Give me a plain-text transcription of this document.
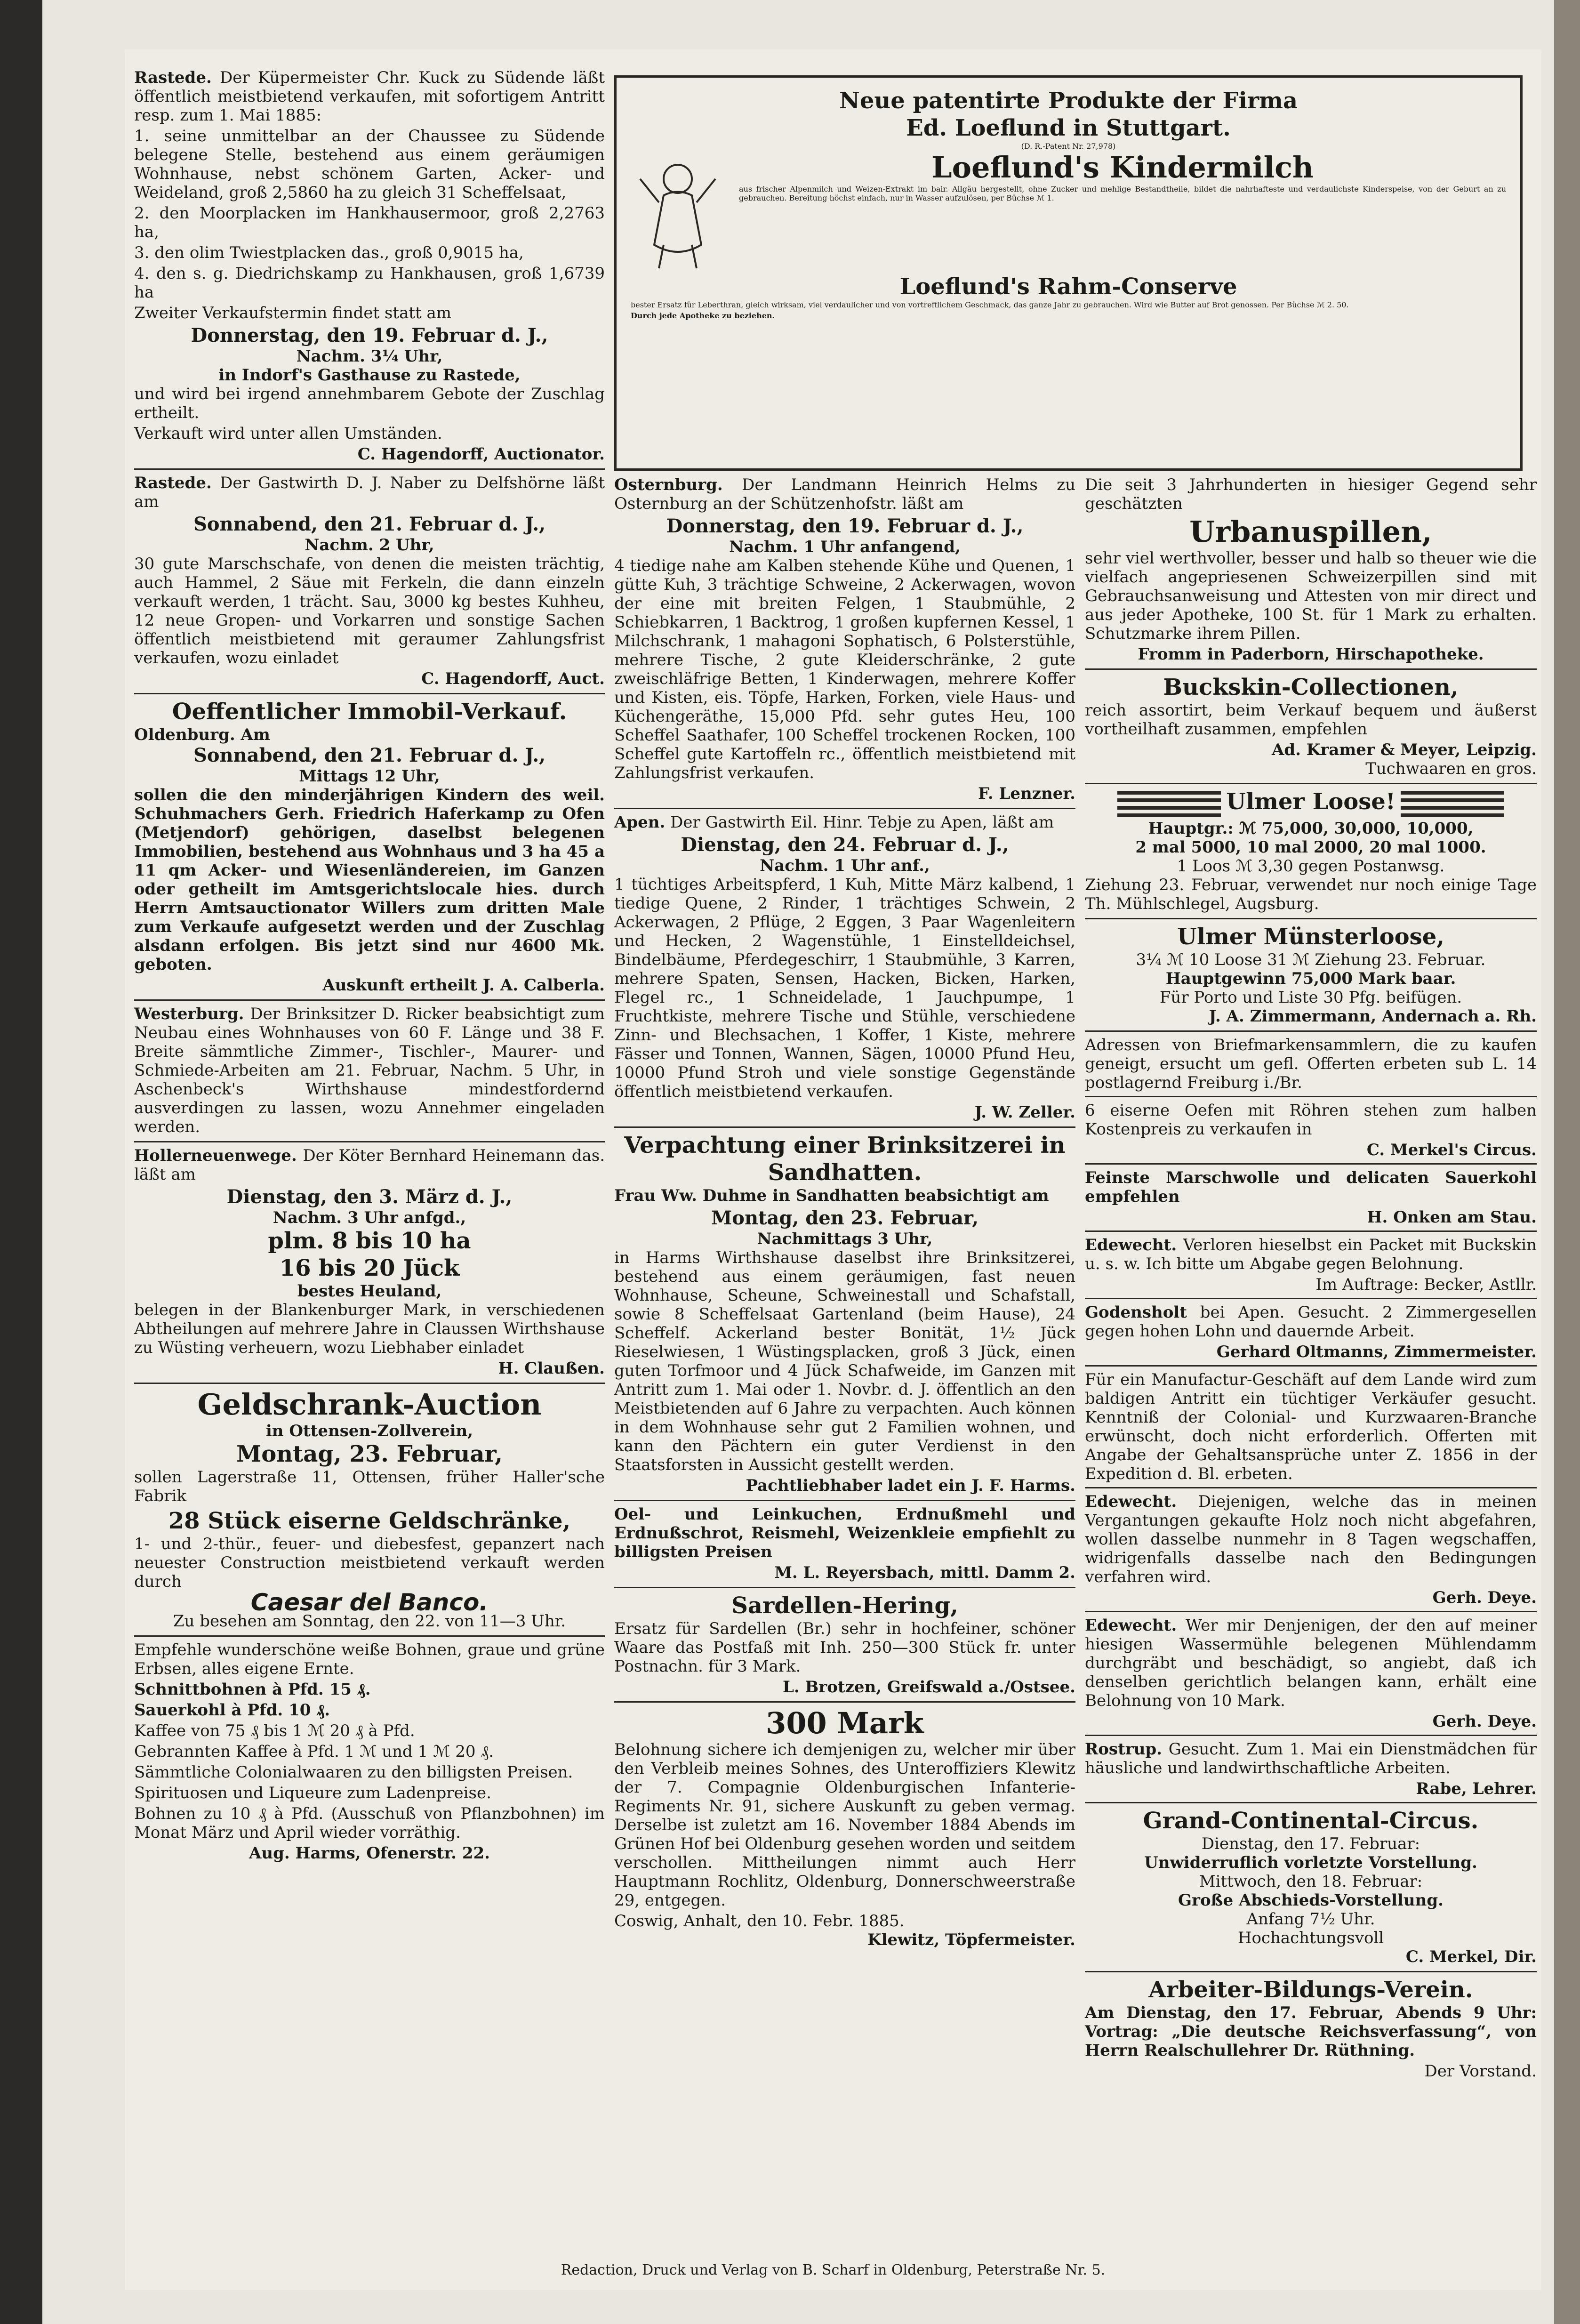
Rastede. Der Küpermeister Chr. Kuck zu Südende läßt öffentlich meistbietend verkaufen, mit sofortigem Antritt resp. zum 1. Mai 1885:

1. seine unmittelbar an der Chaussee zu Südende belegene Stelle, bestehend aus einem geräumigen Wohnhause, nebst schönem Garten, Acker- und Weideland, groß 2,5860 ha zu gleich 31 Scheffelsaat,

2. den Moorplacken im Hankhausermoor, groß 2,2763 ha,

3. den olim Twiestplacken das., groß 0,9015 ha,

4. den s. g. Diedrichskamp zu Hankhausen, groß 1,6739 ha

Zweiter Verkaufstermin findet statt am

Donnerstag, den 19. Februar d. J.,
Nachm. 3¼ Uhr,
in Indorf's Gasthause zu Rastede,

und wird bei irgend annehmbarem Gebote der Zuschlag ertheilt.

Verkauft wird unter allen Umständen.

C. Hagendorff, Auctionator.

Rastede. Der Gastwirth D. J. Naber zu Delfshörne läßt am

Sonnabend, den 21. Februar d. J.,
Nachm. 2 Uhr,

30 gute Marschschafe, von denen die meisten trächtig, auch Hammel, 2 Säue mit Ferkeln, die dann einzeln verkauft werden, 1 trächt. Sau, 3000 kg bestes Kuhheu, 12 neue Gropen- und Vorkarren und sonstige Sachen öffentlich meistbietend mit geraumer Zahlungsfrist verkaufen, wozu einladet

C. Hagendorff, Auct.
Oeffentlicher Immobil-Verkauf.
Oldenburg. Am
Sonnabend, den 21. Februar d. J.,
Mittags 12 Uhr,

sollen die den minderjährigen Kindern des weil. Schuhmachers Gerh. Friedrich Haferkamp zu Ofen (Metjendorf) gehörigen, daselbst belegenen Immobilien, bestehend aus Wohnhaus und 3 ha 45 a 11 qm Acker- und Wiesenländereien, im Ganzen oder getheilt im Amtsgerichtslocale hies. durch Herrn Amtsauctionator Willers zum dritten Male zum Verkaufe aufgesetzt werden und der Zuschlag alsdann erfolgen. Bis jetzt sind nur 4600 Mk. geboten.

Auskunft ertheilt J. A. Calberla.

Westerburg. Der Brinksitzer D. Ricker beabsichtigt zum Neubau eines Wohnhauses von 60 F. Länge und 38 F. Breite sämmtliche Zimmer-, Tischler-, Maurer- und Schmiede-Arbeiten am 21. Februar, Nachm. 5 Uhr, in Aschenbeck's Wirthshause mindestfordernd ausverdingen zu lassen, wozu Annehmer eingeladen werden.

Hollerneuenwege. Der Köter Bernhard Heinemann das. läßt am

Dienstag, den 3. März d. J.,
Nachm. 3 Uhr anfgd.,
plm. 8 bis 10 ha
16 bis 20 Jück
bestes Heuland,

belegen in der Blankenburger Mark, in verschiedenen Abtheilungen auf mehrere Jahre in Claussen Wirthshause zu Wüsting verheuern, wozu Liebhaber einladet

H. Claußen.
Geldschrank-Auction
in Ottensen-Zollverein,
Montag, 23. Februar,

sollen Lagerstraße 11, Ottensen, früher Haller'sche Fabrik

28 Stück eiserne Geldschränke,

1- und 2-thür., feuer- und diebesfest, gepanzert nach neuester Construction meistbietend verkauft werden durch

Caesar del Banco.
Zu besehen am Sonntag, den 22. von 11—3 Uhr.

Empfehle wunderschöne weiße Bohnen, graue und grüne Erbsen, alles eigene Ernte.

Schnittbohnen à Pfd. 15 ₰.

Sauerkohl à Pfd. 10 ₰.

Kaffee von 75 ₰ bis 1 ℳ 20 ₰ à Pfd.

Gebrannten Kaffee à Pfd. 1 ℳ und 1 ℳ 20 ₰.

Sämmtliche Colonialwaaren zu den billigsten Preisen.

Spirituosen und Liqueure zum Ladenpreise.

Bohnen zu 10 ₰ à Pfd. (Ausschuß von Pflanzbohnen) im Monat März und April wieder vorräthig.

Aug. Harms, Ofenerstr. 22.
Neue patentirte Produkte der Firma
Ed. Loeflund in Stuttgart.
(D. R.-Patent Nr. 27,978)
Loeflund's Kindermilch

aus frischer Alpenmilch und Weizen-Extrakt im bair. Allgäu hergestellt, ohne Zucker und mehlige Bestandtheile, bildet die nahrhafteste und verdaulichste Kinderspeise, von der Geburt an zu gebrauchen. Bereitung höchst einfach, nur in Wasser aufzulösen, per Büchse ℳ 1.

Loeflund's Rahm-Conserve

bester Ersatz für Leberthran, gleich wirksam, viel verdaulicher und von vortrefflichem Geschmack, das ganze Jahr zu gebrauchen. Wird wie Butter auf Brot genossen. Per Büchse ℳ 2. 50.

Durch jede Apotheke zu beziehen.

Osternburg. Der Landmann Heinrich Helms zu Osternburg an der Schützenhofstr. läßt am

Donnerstag, den 19. Februar d. J.,
Nachm. 1 Uhr anfangend,

4 tiedige nahe am Kalben stehende Kühe und Quenen, 1 gütte Kuh, 3 trächtige Schweine, 2 Ackerwagen, wovon der eine mit breiten Felgen, 1 Staubmühle, 2 Schiebkarren, 1 Backtrog, 1 großen kupfernen Kessel, 1 Milchschrank, 1 mahagoni Sophatisch, 6 Polsterstühle, mehrere Tische, 2 gute Kleiderschränke, 2 gute zweischläfrige Betten, 1 Kinderwagen, mehrere Koffer und Kisten, eis. Töpfe, Harken, Forken, viele Haus- und Küchengeräthe, 15,000 Pfd. sehr gutes Heu, 100 Scheffel Saathafer, 100 Scheffel trockenen Rocken, 100 Scheffel gute Kartoffeln rc., öffentlich meistbietend mit Zahlungsfrist verkaufen.

F. Lenzner.

Apen. Der Gastwirth Eil. Hinr. Tebje zu Apen, läßt am

Dienstag, den 24. Februar d. J.,
Nachm. 1 Uhr anf.,

1 tüchtiges Arbeitspferd, 1 Kuh, Mitte März kalbend, 1 tiedige Quene, 2 Rinder, 1 trächtiges Schwein, 2 Ackerwagen, 2 Pflüge, 2 Eggen, 3 Paar Wagenleitern und Hecken, 2 Wagenstühle, 1 Einstelldeichsel, Bindelbäume, Pferdegeschirr, 1 Staubmühle, 3 Karren, mehrere Spaten, Sensen, Hacken, Bicken, Harken, Flegel rc., 1 Schneidelade, 1 Jauchpumpe, 1 Fruchtkiste, mehrere Tische und Stühle, verschiedene Zinn- und Blechsachen, 1 Koffer, 1 Kiste, mehrere Fässer und Tonnen, Wannen, Sägen, 10000 Pfund Heu, 10000 Pfund Stroh und viele sonstige Gegenstände öffentlich meistbietend verkaufen.

J. W. Zeller.
Verpachtung einer Brinksitzerei in Sandhatten.

Frau Ww. Duhme in Sandhatten beabsichtigt am

Montag, den 23. Februar,
Nachmittags 3 Uhr,

in Harms Wirthshause daselbst ihre Brinksitzerei, bestehend aus einem geräumigen, fast neuen Wohnhause, Scheune, Schweinestall und Schafstall, sowie 8 Scheffelsaat Gartenland (beim Hause), 24 Scheffelf. Ackerland bester Bonität, 1½ Jück Rieselwiesen, 1 Wüstingsplacken, groß 3 Jück, einen guten Torfmoor und 4 Jück Schafweide, im Ganzen mit Antritt zum 1. Mai oder 1. Novbr. d. J. öffentlich an den Meistbietenden auf 6 Jahre zu verpachten. Auch können in dem Wohnhause sehr gut 2 Familien wohnen, und kann den Pächtern ein guter Verdienst in den Staatsforsten in Aussicht gestellt werden.

Pachtliebhaber ladet ein J. F. Harms.

Oel- und Leinkuchen, Erdnußmehl und Erdnußschrot, Reismehl, Weizenkleie empfiehlt zu billigsten Preisen

M. L. Reyersbach, mittl. Damm 2.
Sardellen-Hering,

Ersatz für Sardellen (Br.) sehr in hochfeiner, schöner Waare das Postfaß mit Inh. 250—300 Stück fr. unter Postnachn. für 3 Mark.

L. Brotzen, Greifswald a./Ostsee.
300 Mark

Belohnung sichere ich demjenigen zu, welcher mir über den Verbleib meines Sohnes, des Unteroffiziers Klewitz der 7. Compagnie Oldenburgischen Infanterie-Regiments Nr. 91, sichere Auskunft zu geben vermag. Derselbe ist zuletzt am 16. November 1884 Abends im Grünen Hof bei Oldenburg gesehen worden und seitdem verschollen. Mittheilungen nimmt auch Herr Hauptmann Rochlitz, Oldenburg, Donnerschweerstraße 29, entgegen.

Coswig, Anhalt, den 10. Febr. 1885.
Klewitz, Töpfermeister.

Die seit 3 Jahrhunderten in hiesiger Gegend sehr geschätzten

Urbanuspillen,

sehr viel werthvoller, besser und halb so theuer wie die vielfach angepriesenen Schweizerpillen sind mit Gebrauchsanweisung und Attesten von mir direct und aus jeder Apotheke, 100 St. für 1 Mark zu erhalten. Schutzmarke ihrem Pillen.

Fromm in Paderborn, Hirschapotheke.
Buckskin-Collectionen,

reich assortirt, beim Verkauf bequem und äußerst vortheilhaft zusammen, empfehlen

Ad. Kramer & Meyer, Leipzig.
Tuchwaaren en gros.
Ulmer Loose!
Hauptgr.: ℳ 75,000, 30,000, 10,000,
2 mal 5000, 10 mal 2000, 20 mal 1000.
1 Loos ℳ 3,30 gegen Postanwsg.

Ziehung 23. Februar, verwendet nur noch einige Tage Th. Mühlschlegel, Augsburg.

Ulmer Münsterloose,
3¼ ℳ 10 Loose 31 ℳ Ziehung 23. Februar.
Hauptgewinn 75,000 Mark baar.
Für Porto und Liste 30 Pfg. beifügen.
J. A. Zimmermann, Andernach a. Rh.

Adressen von Briefmarkensammlern, die zu kaufen geneigt, ersucht um gefl. Offerten erbeten sub L. 14 postlagernd Freiburg i./Br.

6 eiserne Oefen mit Röhren stehen zum halben Kostenpreis zu verkaufen in

C. Merkel's Circus.

Feinste Marschwolle und delicaten Sauerkohl empfehlen

H. Onken am Stau.

Edewecht. Verloren hieselbst ein Packet mit Buckskin u. s. w. Ich bitte um Abgabe gegen Belohnung.

Im Auftrage: Becker, Astllr.

Godensholt bei Apen. Gesucht. 2 Zimmergesellen gegen hohen Lohn und dauernde Arbeit.

Gerhard Oltmanns, Zimmermeister.

Für ein Manufactur-Geschäft auf dem Lande wird zum baldigen Antritt ein tüchtiger Verkäufer gesucht. Kenntniß der Colonial- und Kurzwaaren-Branche erwünscht, doch nicht erforderlich. Offerten mit Angabe der Gehaltsansprüche unter Z. 1856 in der Expedition d. Bl. erbeten.

Edewecht. Diejenigen, welche das in meinen Vergantungen gekaufte Holz noch nicht abgefahren, wollen dasselbe nunmehr in 8 Tagen wegschaffen, widrigenfalls dasselbe nach den Bedingungen verfahren wird.

Gerh. Deye.

Edewecht. Wer mir Denjenigen, der den auf meiner hiesigen Wassermühle belegenen Mühlendamm durchgräbt und beschädigt, so angiebt, daß ich denselben gerichtlich belangen kann, erhält eine Belohnung von 10 Mark.

Gerh. Deye.

Rostrup. Gesucht. Zum 1. Mai ein Dienstmädchen für häusliche und landwirthschaftliche Arbeiten.

Rabe, Lehrer.
Grand-Continental-Circus.
Dienstag, den 17. Februar:
Unwiderruflich vorletzte Vorstellung.
Mittwoch, den 18. Februar:
Große Abschieds-Vorstellung.
Anfang 7½ Uhr.
Hochachtungsvoll
C. Merkel, Dir.
Arbeiter-Bildungs-Verein.

Am Dienstag, den 17. Februar, Abends 9 Uhr: Vortrag: „Die deutsche Reichsverfassung“, von Herrn Realschullehrer Dr. Rüthning.

Der Vorstand.
Redaction, Druck und Verlag von B. Scharf in Oldenburg, Peterstraße Nr. 5.
